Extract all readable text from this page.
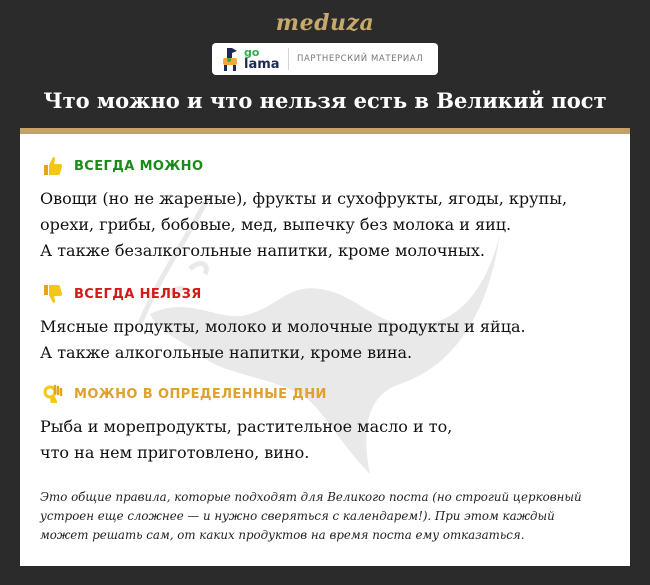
meduza
go
lama ПАРТНЕРСКИЙ МАТЕРИАЛ
Что можно и что нельзя есть в Великий пост
ВСЕГДА МОЖНО
Овощи (но не жареные), фрукты и сухофрукты, ягоды, крупы,
орехи, грибы, бобовые, мед, выпечку без молока и яиц.
А также безалкогольные напитки, кроме молочных.
ВСЕГДА НЕЛЬЗЯ
Мясные продукты, молоко и молочные продукты и яйца.
А также алкогольные напитки, кроме вина.
МОЖНО В ОПРЕДЕЛЕННЫЕ ДНИ
Рыба и морепродукты, растительное масло и то,
что на нем приготовлено, вино.
Это общие правила, которые подходят для Великого поста (но строгий церковный
устроен еще сложнее — и нужно сверяться с календарем!). При этом каждый
может решать сам, от каких продуктов на время поста ему отказаться.
